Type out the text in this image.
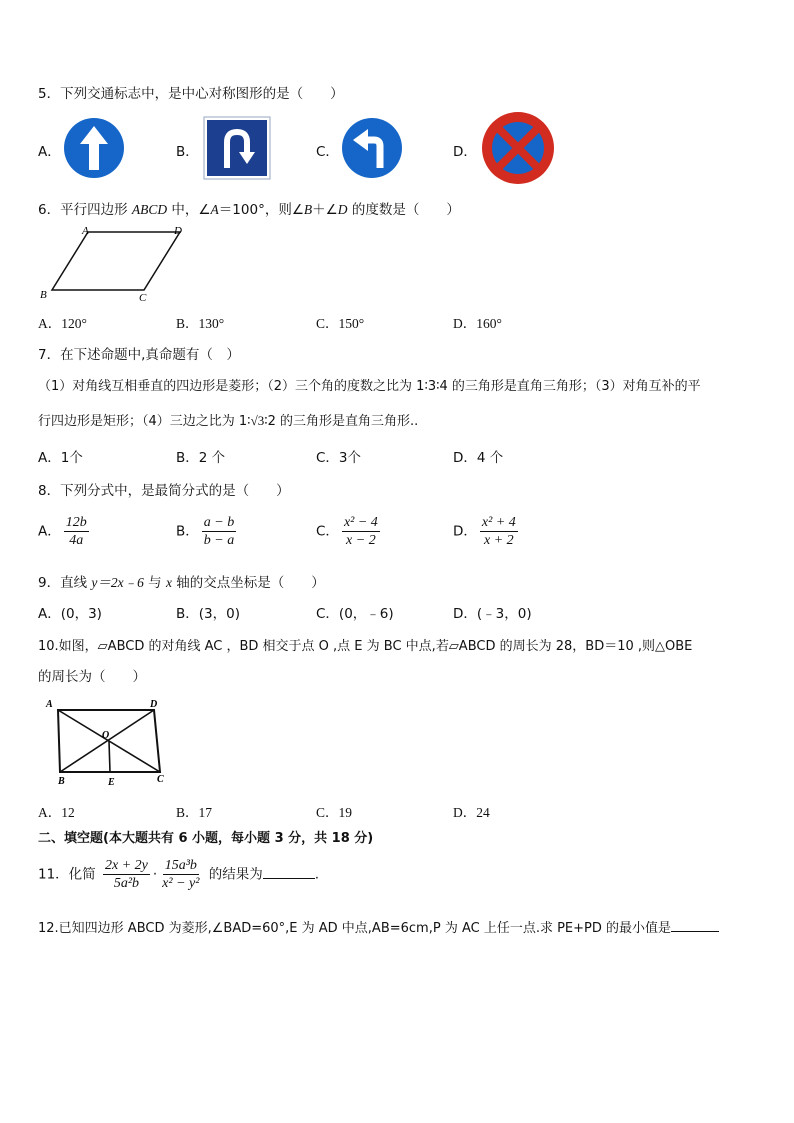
5．下列交通标志中，是中心对称图形的是（　　）
A．	B．	C．	D．
6．平行四边形 ABCD 中，∠A＝100°，则∠B＋∠D 的度数是（　　）
A	D
B	C
A．120°	B．130°	C．150°	D．160°
7．在下述命题中,真命题有（　）
（1）对角线互相垂直的四边形是菱形；（2）三个角的度数之比为 1∶3∶4 的三角形是直角三角形；（3）对角互补的平
行四边形是矩形；（4）三边之比为 1∶√3∶2 的三角形是直角三角形..
A．1个	B．2 个	C．3个	D．4 个
8．下列分式中，是最简分式的是（　　）
A． $\frac{12b}{4a}$	B． $\frac{a - b}{b - a}$	C． $\frac{\text{x² − 4}}{x - 2}$	D． $\frac{\text{x² + 4}}{x + 2}$
9．直线 y＝2x﹣6 与 x 轴的交点坐标是（　　）
A．(0，3)	B．(3，0)	C．(0，﹣6)	D．(﹣3，0)
10.如图，▱ABCD 的对角线 AC ，BD 相交于点 O ,点 E 为 BC 中点,若▱ABCD 的周长为 28，BD＝10 ,则△OBE
的周长为（　　）
A	D
O
B	E	C
A．12	B．17	C．19	D．24
二、填空题(本大题共有 6 小题，每小题 3 分，共 18 分)
11．化简 $\frac{2x + 2y}{\text{5a²b}} \cdot \frac{\text{15a³b}}{\text{x² − y²}}$ 的结果为	.
12.已知四边形 ABCD 为菱形,∠BAD=60°,E 为 AD 中点,AB=6cm,P 为 AC 上任一点.求 PE+PD 的最小值是
